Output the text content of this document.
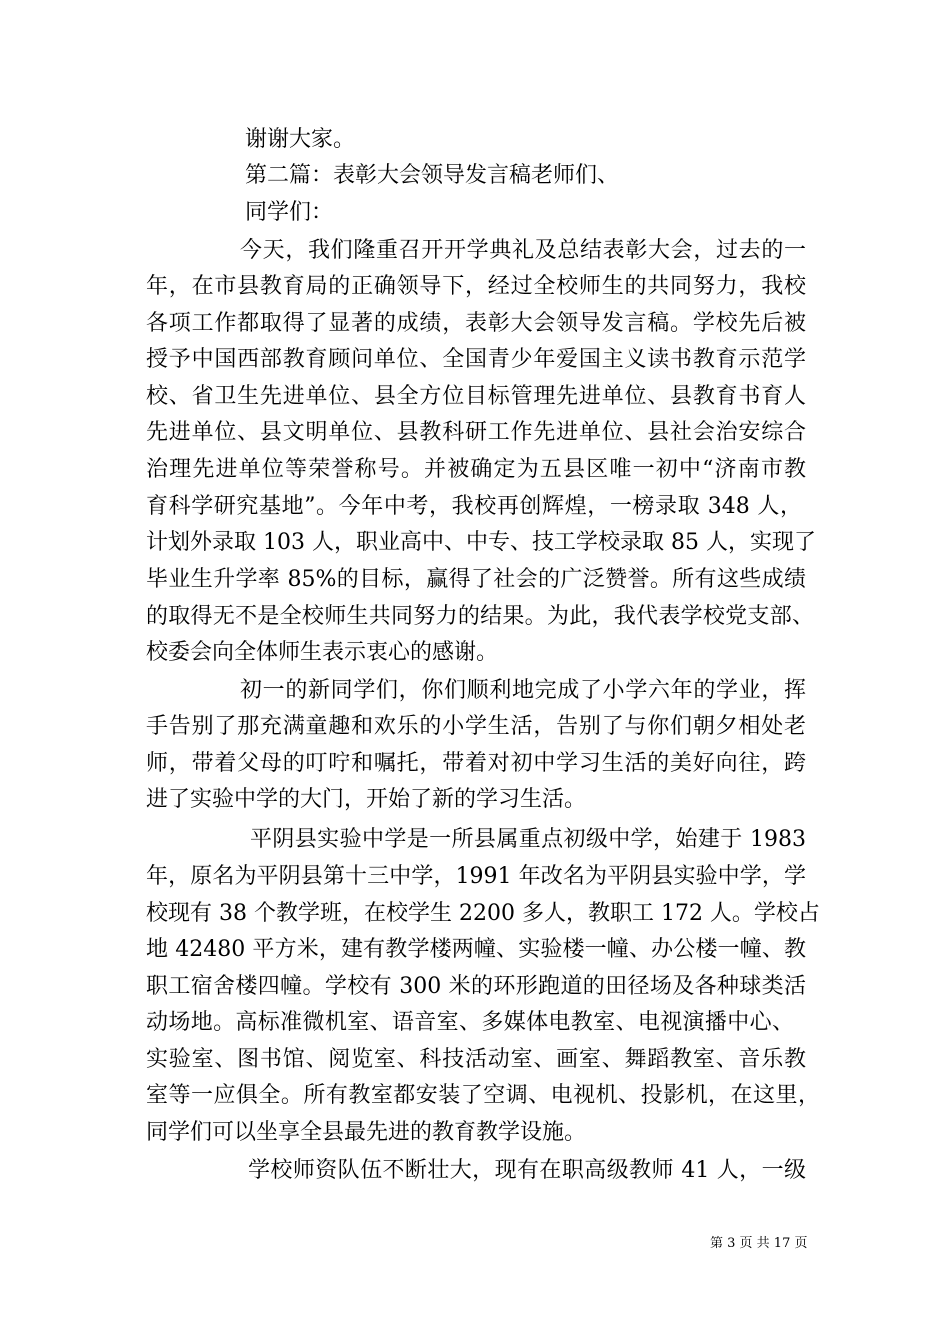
谢谢大家。
第二篇：表彰大会领导发言稿老师们、
同学们：
今天，我们隆重召开开学典礼及总结表彰大会，过去的一
年，在市县教育局的正确领导下，经过全校师生的共同努力，我校
各项工作都取得了显著的成绩，表彰大会领导发言稿。学校先后被
授予中国西部教育顾问单位、全国青少年爱国主义读书教育示范学
校、省卫生先进单位、县全方位目标管理先进单位、县教育书育人
先进单位、县文明单位、县教科研工作先进单位、县社会治安综合
治理先进单位等荣誉称号。并被确定为五县区唯一初中“济南市教
育科学研究基地”。今年中考，我校再创辉煌，一榜录取 348 人，
计划外录取 103 人，职业高中、中专、技工学校录取 85 人，实现了
毕业生升学率 85%的目标，赢得了社会的广泛赞誉。所有这些成绩
的取得无不是全校师生共同努力的结果。为此，我代表学校党支部、
校委会向全体师生表示衷心的感谢。
初一的新同学们，你们顺利地完成了小学六年的学业，挥
手告别了那充满童趣和欢乐的小学生活，告别了与你们朝夕相处老
师，带着父母的叮咛和嘱托，带着对初中学习生活的美好向往，跨
进了实验中学的大门，开始了新的学习生活。
平阴县实验中学是一所县属重点初级中学，始建于 1983
年，原名为平阴县第十三中学，1991 年改名为平阴县实验中学，学
校现有 38 个教学班，在校学生 2200 多人，教职工 172 人。学校占
地 42480 平方米，建有教学楼两幢、实验楼一幢、办公楼一幢、教
职工宿舍楼四幢。学校有 300 米的环形跑道的田径场及各种球类活
动场地。高标准微机室、语音室、多媒体电教室、电视演播中心、
实验室、图书馆、阅览室、科技活动室、画室、舞蹈教室、音乐教
室等一应俱全。所有教室都安装了空调、电视机、投影机，在这里，
同学们可以坐享全县最先进的教育教学设施。
学校师资队伍不断壮大，现有在职高级教师 41 人，一级
第 3 页 共 17 页
